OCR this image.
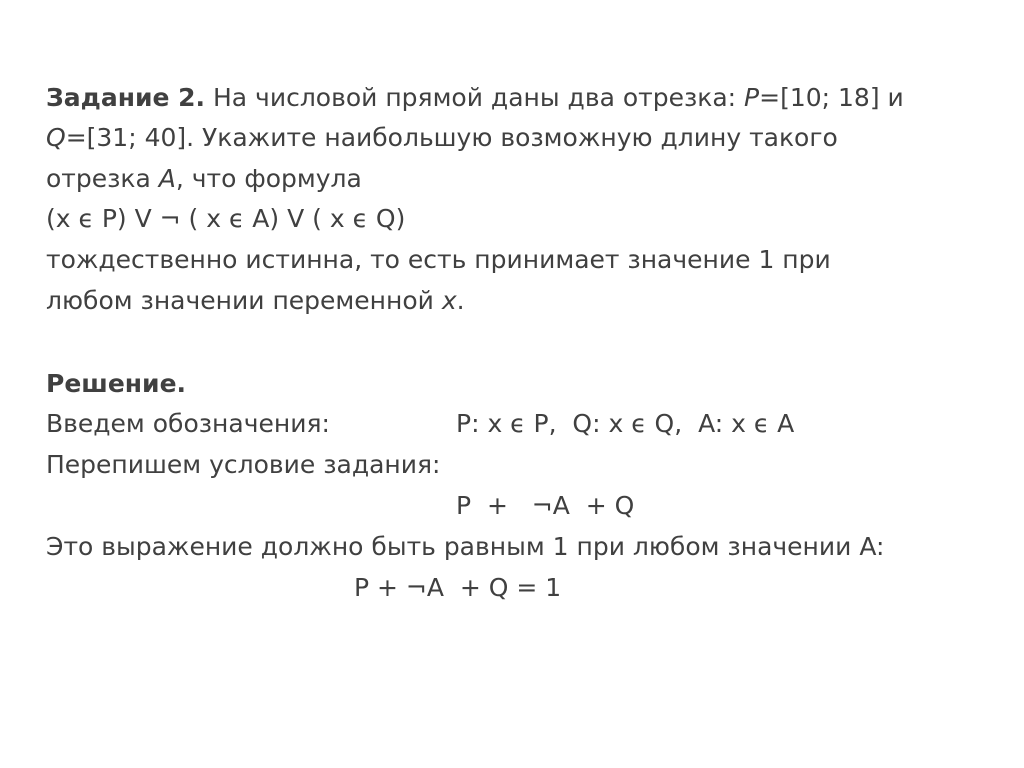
Задание 2. На числовой прямой даны два отрезка: P=[10; 18] и
Q=[31; 40]. Укажите наибольшую возможную длину такого
отрезка A, что формула
(x ϵ P) V ¬ ( x ϵ A) V ( x ϵ Q)
тождественно истинна, то есть принимает значение 1 при
любом значении переменной x.
Решение.
Введем обозначения:	P: x ϵ P,  Q: x ϵ Q,  A: x ϵ A
Перепишем условие задания:
P  +   ¬A  + Q
Это выражение должно быть равным 1 при любом значении A:
P + ¬A  + Q = 1
